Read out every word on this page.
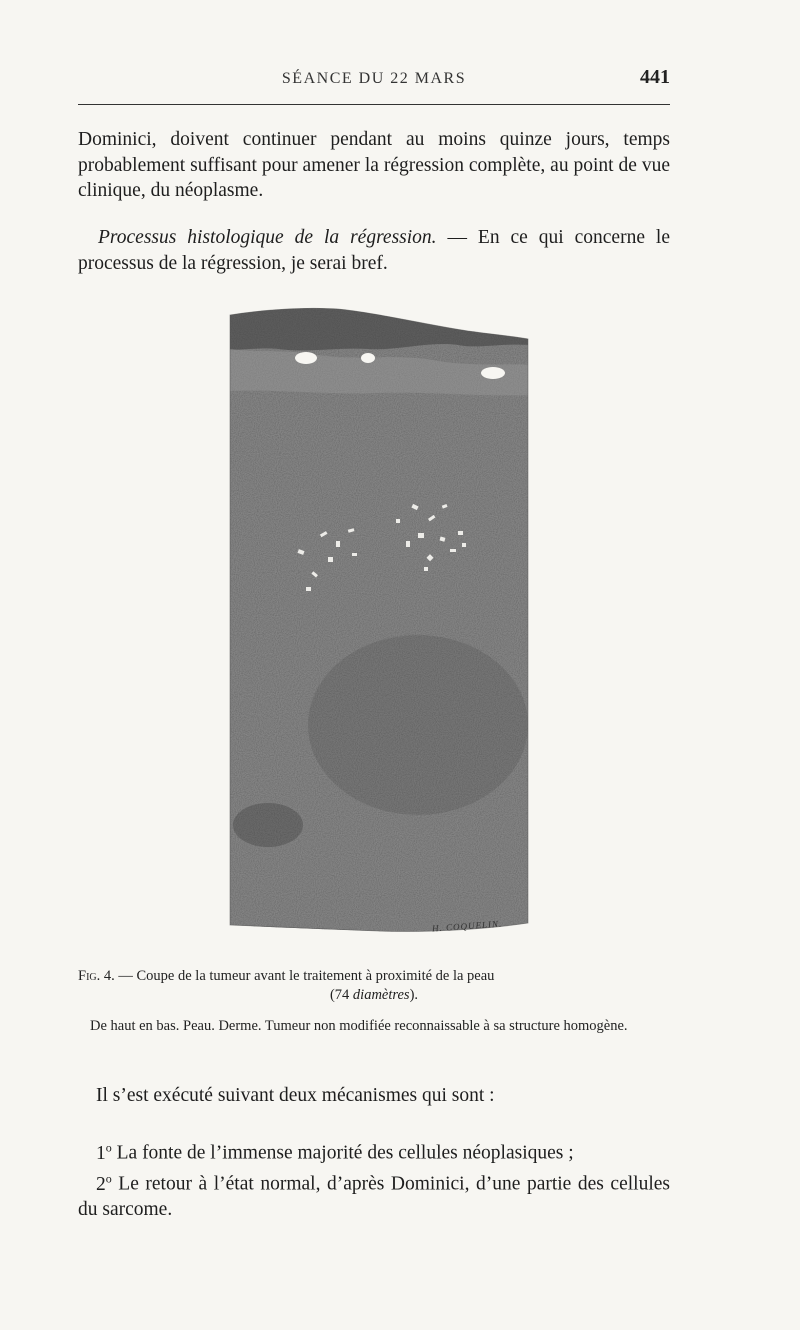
SÉANCE DU 22 MARS	441

Dominici, doivent continuer pendant au moins quinze jours, temps probablement suffisant pour amener la régression complète, au point de vue clinique, du néoplasme.

Processus histologique de la régression. — En ce qui concerne le processus de la régression, je serai bref.

H. COQUELIN.
Fig. 4. — Coupe de la tumeur avant le traitement à proximité de la peau
(74 diamètres).
De haut en bas. Peau. Derme. Tumeur non modifiée reconnaissable à sa structure homogène.

Il s’est exécuté suivant deux mécanismes qui sont :

1$^o$ La fonte de l’immense majorité des cellules néoplasiques ;
2$^o$ Le retour à l’état normal, d’après Dominici, d’une partie des cellules du sarcome.
